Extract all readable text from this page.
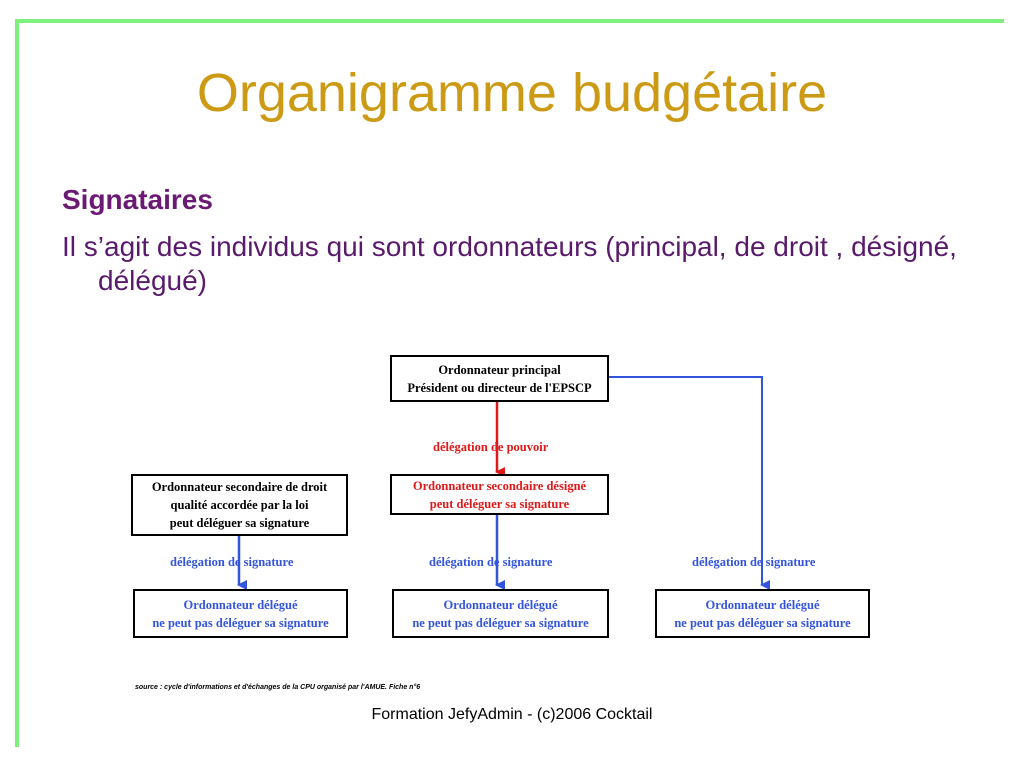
Organigramme budgétaire
Signataires
Il s’agit des individus qui sont ordonnateurs (principal, de droit , désigné, délégué)
délégation de pouvoir
délégation de signature	délégation de signature	délégation de signature
Ordonnateur principal
Président ou directeur de l'EPSCP
Ordonnateur secondaire de droit
qualité accordée par la loi
peut déléguer sa signature
Ordonnateur secondaire désigné
peut déléguer sa signature
Ordonnateur délégué
ne peut pas déléguer sa signature
Ordonnateur délégué
ne peut pas déléguer sa signature
Ordonnateur délégué
ne peut pas déléguer sa signature
source : cycle d'informations et d'échanges de la CPU organisé par l'AMUE. Fiche n°6
Formation JefyAdmin - (c)2006 Cocktail
